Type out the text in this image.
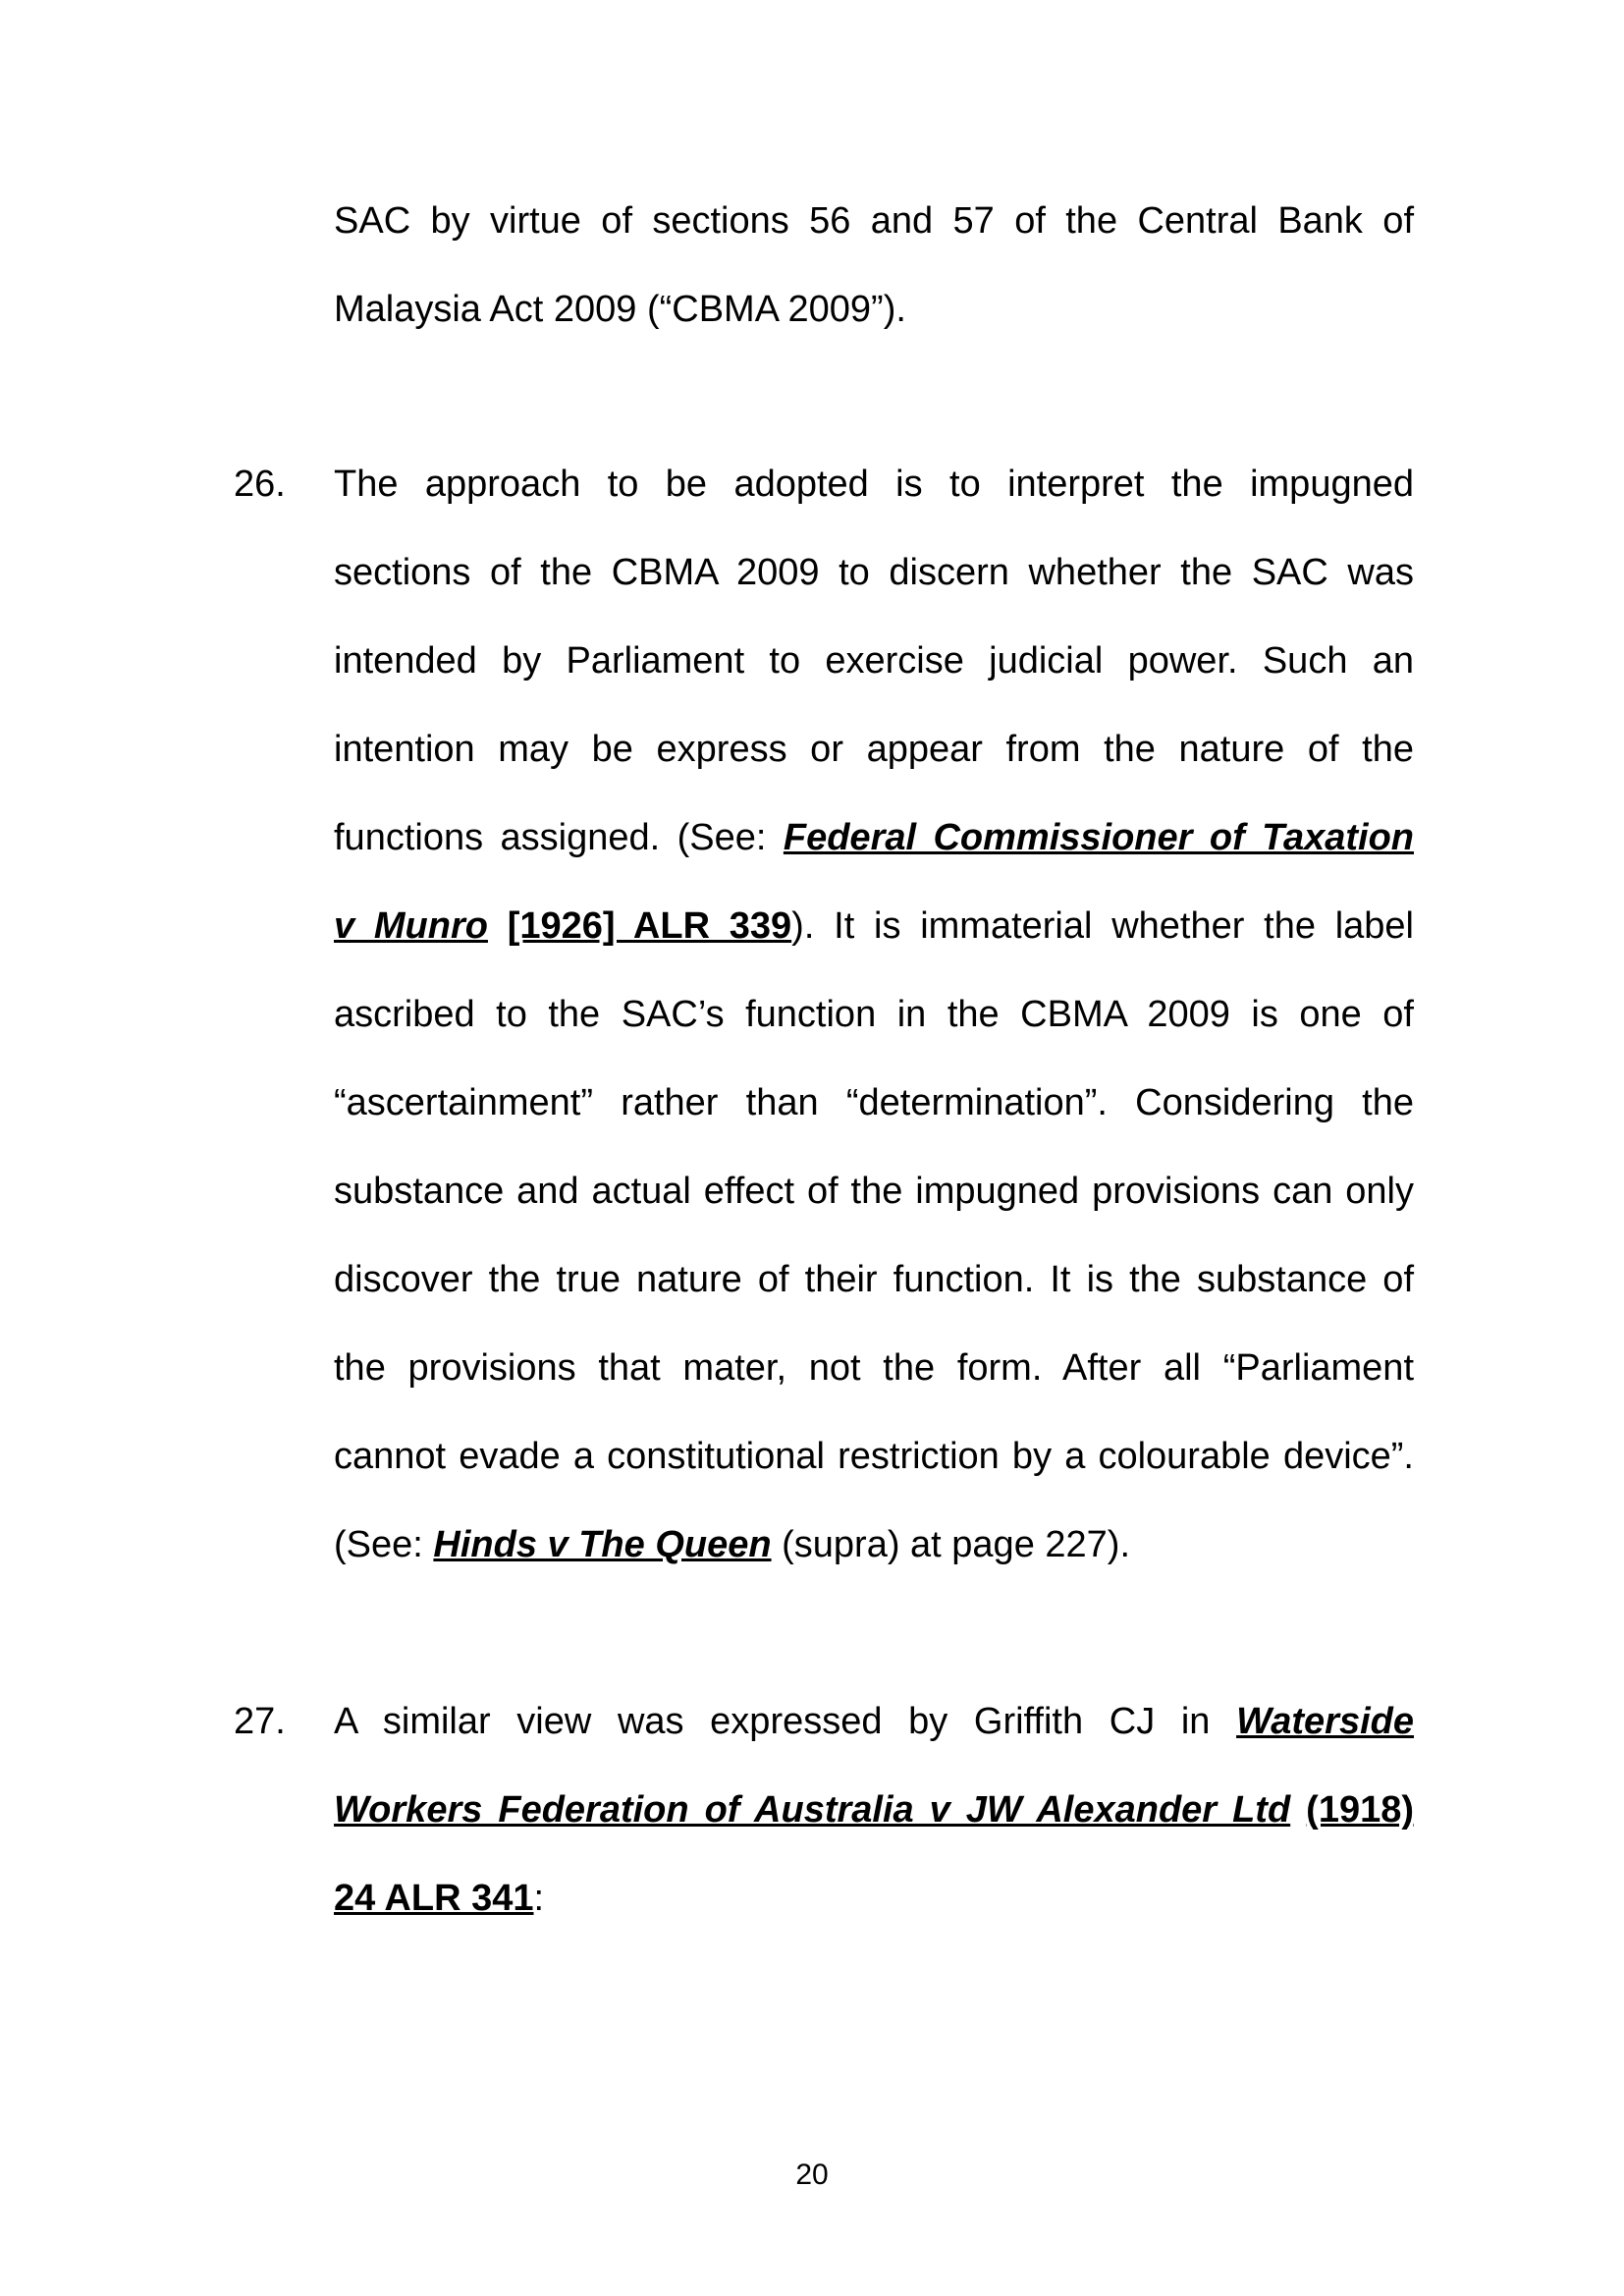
SAC by virtue of sections 56 and 57 of the Central Bank of
Malaysia Act 2009 (“CBMA 2009”).
26. The approach to be adopted is to interpret the impugned
sections of the CBMA 2009 to discern whether the SAC was
intended by Parliament to exercise judicial power. Such an
intention may be express or appear from the nature of the
functions assigned. (See: Federal Commissioner of Taxation
v Munro [1926] ALR 339). It is immaterial whether the label
ascribed to the SAC’s function in the CBMA 2009 is one of
“ascertainment” rather than “determination”. Considering the
substance and actual effect of the impugned provisions can only
discover the true nature of their function. It is the substance of
the provisions that mater, not the form. After all “Parliament
cannot evade a constitutional restriction by a colourable device”.
(See: Hinds v The Queen (supra) at page 227).
27. A similar view was expressed by Griffith CJ in Waterside
Workers Federation of Australia v JW Alexander Ltd (1918)
24 ALR 341:
20
